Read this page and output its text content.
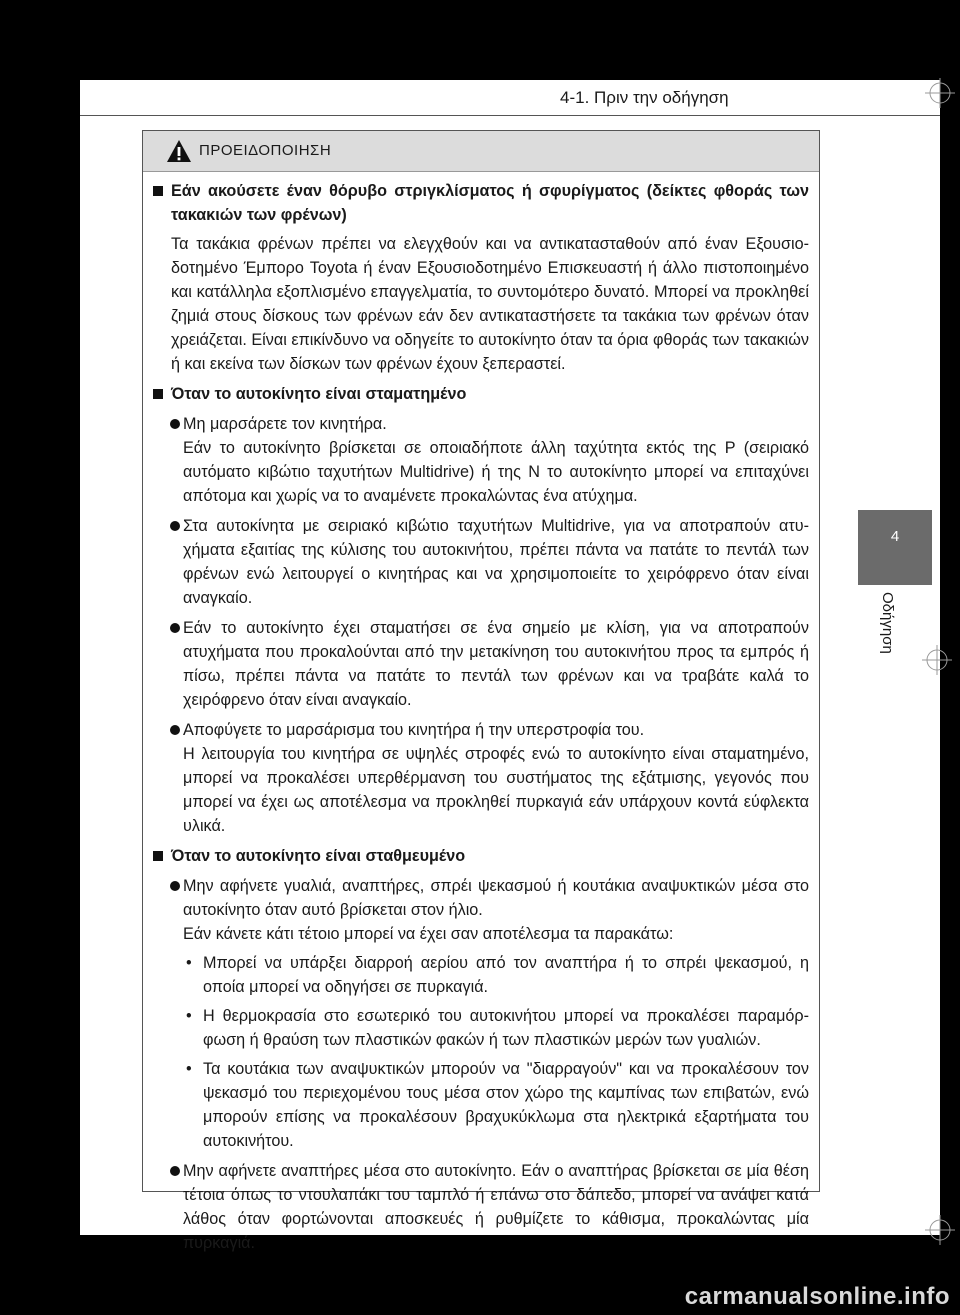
4-1. Πριν την οδήγηση
4
Οδήγηση
ΠΡΟΕΙΔΟΠΟΙΗΣΗ
Εάν ακούσετε έναν θόρυβο στριγκλίσματος ή σφυρίγματος (δείκτες φθοράς των τακακιών των φρένων)
Τα τακάκια φρένων πρέπει να ελεγχθούν και να αντικατασταθούν από έναν Εξουσιοδοτημένο Έμπορο Toyota ή έναν Εξουσιοδοτημένο Επισκευαστή ή άλλο πιστοποιημένο και κατάλληλα εξοπλισμένο επαγγελματία, το συντομότερο δυνατό. Μπορεί να προκληθεί ζημιά στους δίσκους των φρένων εάν δεν αντικαταστήσετε τα τακάκια των φρένων όταν χρειάζεται. Είναι επικίνδυνο να οδηγείτε το αυτοκίνητο όταν τα όρια φθοράς των τακακιών ή και εκείνα των δίσκων των φρένων έχουν ξεπεραστεί.
Όταν το αυτοκίνητο είναι σταματημένο

Μη μαρσάρετε τον κινητήρα.

Εάν το αυτοκίνητο βρίσκεται σε οποιαδήποτε άλλη ταχύτητα εκτός της P (σειριακό αυτόματο κιβώτιο ταχυτήτων Multidrive) ή της N το αυτοκίνητο μπορεί να επιταχύνει απότομα και χωρίς να το αναμένετε προκαλώντας ένα ατύχημα.

Στα αυτοκίνητα με σειριακό κιβώτιο ταχυτήτων Multidrive, για να αποτραπούν ατυχήματα εξαιτίας της κύλισης του αυτοκινήτου, πρέπει πάντα να πατάτε το πεντάλ των φρένων ενώ λειτουργεί ο κινητήρας και να χρησιμοποιείτε το χειρόφρενο όταν είναι αναγκαίο.

Εάν το αυτοκίνητο έχει σταματήσει σε ένα σημείο με κλίση, για να αποτραπούν ατυχήματα που προκαλούνται από την μετακίνηση του αυτοκινήτου προς τα εμπρός ή πίσω, πρέπει πάντα να πατάτε το πεντάλ των φρένων και να τραβάτε καλά το χειρόφρενο όταν είναι αναγκαίο.

Αποφύγετε το μαρσάρισμα του κινητήρα ή την υπερστροφία του.

Η λειτουργία του κινητήρα σε υψηλές στροφές ενώ το αυτοκίνητο είναι σταματημένο, μπορεί να προκαλέσει υπερθέρμανση του συστήματος της εξάτμισης, γεγονός που μπορεί να έχει ως αποτέλεσμα να προκληθεί πυρκαγιά εάν υπάρχουν κοντά εύφλεκτα υλικά.

Όταν το αυτοκίνητο είναι σταθμευμένο

Μην αφήνετε γυαλιά, αναπτήρες, σπρέι ψεκασμού ή κουτάκια αναψυκτικών μέσα στο αυτοκίνητο όταν αυτό βρίσκεται στον ήλιο.

Εάν κάνετε κάτι τέτοιο μπορεί να έχει σαν αποτέλεσμα τα παρακάτω:

• Μπορεί να υπάρξει διαρροή αερίου από τον αναπτήρα ή το σπρέι ψεκασμού, η οποία μπορεί να οδηγήσει σε πυρκαγιά.
• Η θερμοκρασία στο εσωτερικό του αυτοκινήτου μπορεί να προκαλέσει παραμόρφωση ή θραύση των πλαστικών φακών ή των πλαστικών μερών των γυαλιών.
• Τα κουτάκια των αναψυκτικών μπορούν να "διαρραγούν" και να προκαλέσουν τον ψεκασμό του περιεχομένου τους μέσα στον χώρο της καμπίνας των επιβατών, ενώ μπορούν επίσης να προκαλέσουν βραχυκύκλωμα στα ηλεκτρικά εξαρτήματα του αυτοκινήτου.

Μην αφήνετε αναπτήρες μέσα στο αυτοκίνητο. Εάν ο αναπτήρας βρίσκεται σε μία θέση τέτοια όπως το ντουλαπάκι του ταμπλό ή επάνω στο δάπεδο, μπορεί να ανάψει κατά λάθος όταν φορτώνονται αποσκευές ή ρυθμίζετε το κάθισμα, προκαλώντας μία πυρκαγιά.

carmanualsonline.info
